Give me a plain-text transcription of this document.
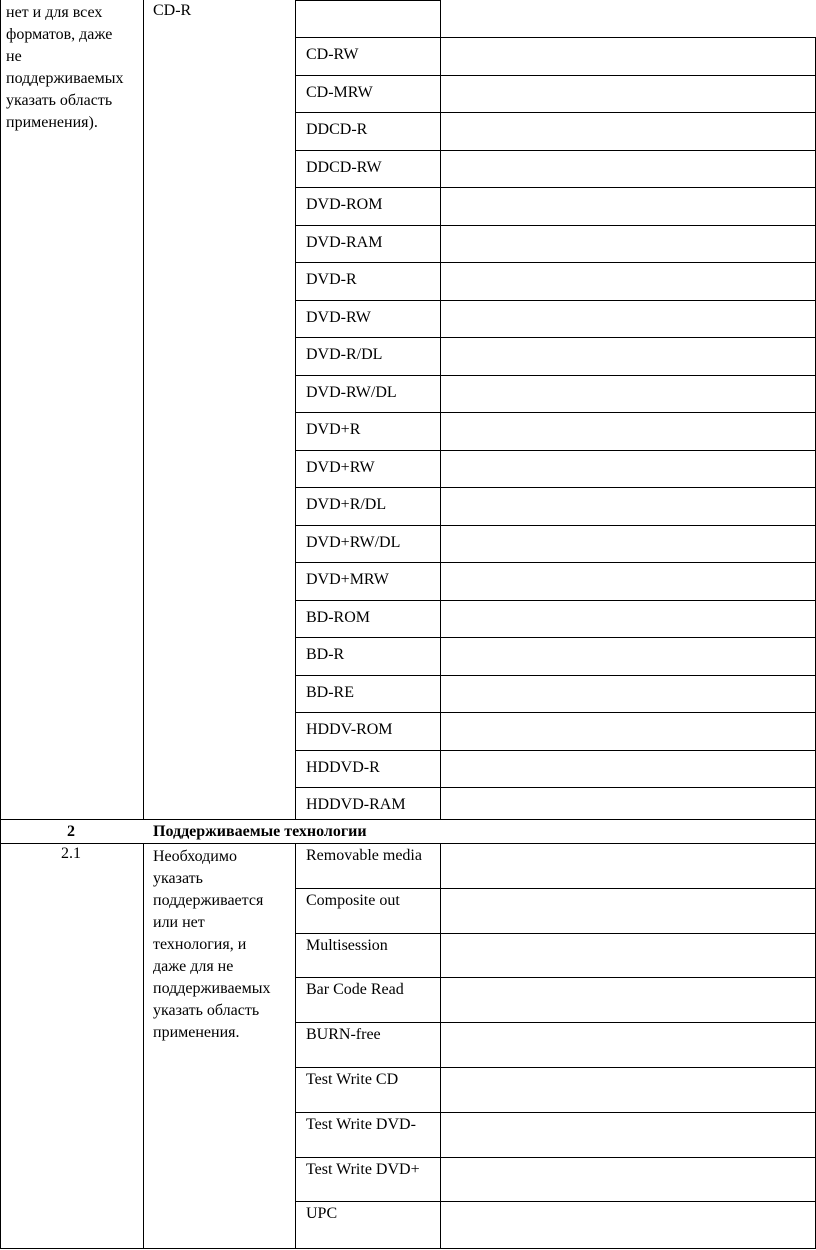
нет и для всех
форматов, даже
не
поддерживаемых
указать область
применения).
CD-R
CD-RW
CD-MRW
DDCD-R
DDCD-RW
DVD-ROM
DVD-RAM
DVD-R
DVD-RW
DVD-R/DL
DVD-RW/DL
DVD+R
DVD+RW
DVD+R/DL
DVD+RW/DL
DVD+MRW
BD-ROM
BD-R
BD-RE
HDDV-ROM
HDDVD-R
HDDVD-RAM
2	Поддерживаемые технологии
2.1	Необходимо
указать
поддерживается
или нет
технология, и
даже для не
поддерживаемых
указать область
применения.
Removable media
Composite out
Multisession
Bar Code Read
BURN-free
Test Write CD
Test Write DVD-
Test Write DVD+
UPC
